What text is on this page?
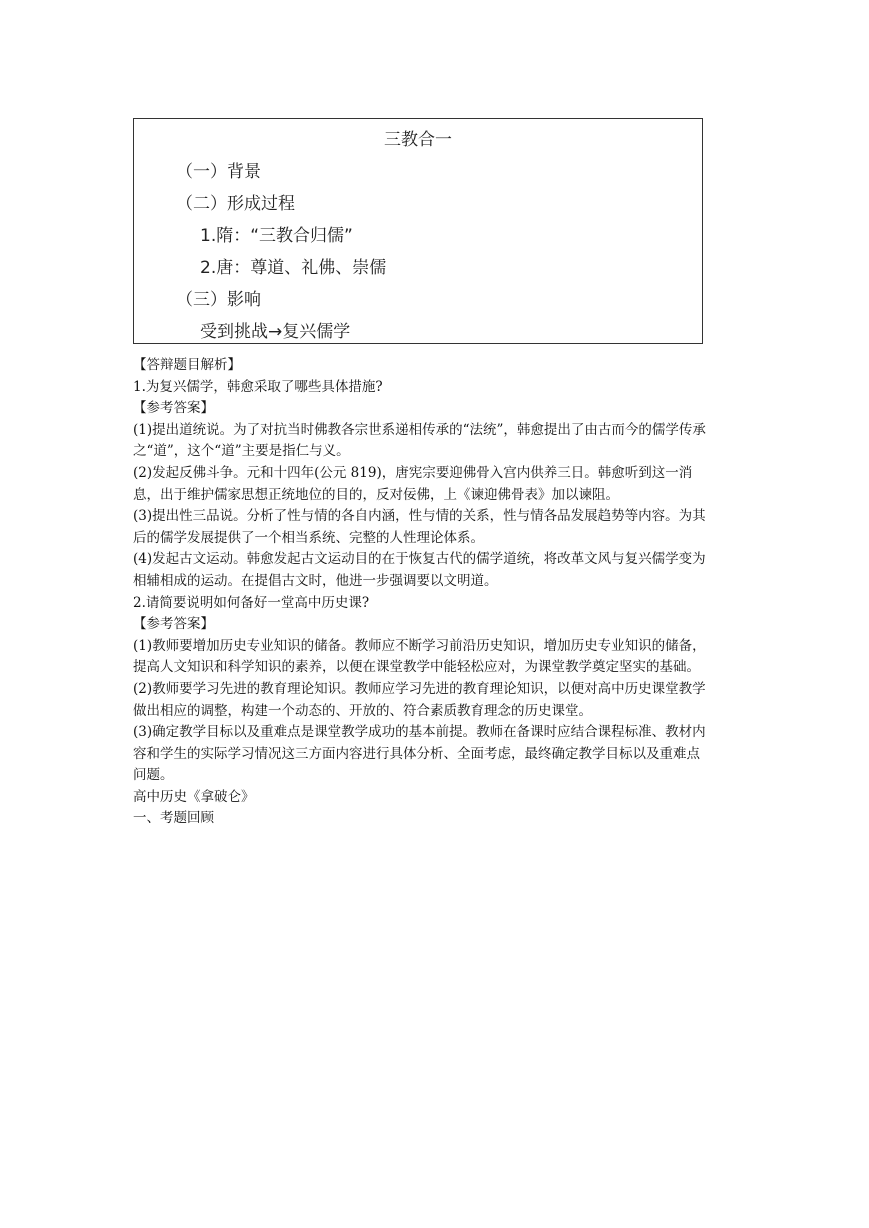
三教合一
（一）背景
（二）形成过程
1.隋：“三教合归儒”
2.唐：尊道、礼佛、崇儒
（三）影响
受到挑战→复兴儒学

【答辩题目解析】

1.为复兴儒学，韩愈采取了哪些具体措施?

【参考答案】

(1)提出道统说。为了对抗当时佛教各宗世系递相传承的“法统”，韩愈提出了由古而今的儒学传承之“道”，这个“道”主要是指仁与义。

(2)发起反佛斗争。元和十四年(公元 819)，唐宪宗要迎佛骨入宫内供养三日。韩愈听到这一消息，出于维护儒家思想正统地位的目的，反对佞佛，上《谏迎佛骨表》加以谏阻。

(3)提出性三品说。分析了性与情的各自内涵，性与情的关系，性与情各品发展趋势等内容。为其后的儒学发展提供了一个相当系统、完整的人性理论体系。

(4)发起古文运动。韩愈发起古文运动目的在于恢复古代的儒学道统，将改革文风与复兴儒学变为相辅相成的运动。在提倡古文时，他进一步强调要以文明道。

2.请简要说明如何备好一堂高中历史课?

【参考答案】

(1)教师要增加历史专业知识的储备。教师应不断学习前沿历史知识，增加历史专业知识的储备，提高人文知识和科学知识的素养，以便在课堂教学中能轻松应对，为课堂教学奠定坚实的基础。

(2)教师要学习先进的教育理论知识。教师应学习先进的教育理论知识，以便对高中历史课堂教学做出相应的调整，构建一个动态的、开放的、符合素质教育理念的历史课堂。

(3)确定教学目标以及重难点是课堂教学成功的基本前提。教师在备课时应结合课程标准、教材内容和学生的实际学习情况这三方面内容进行具体分析、全面考虑，最终确定教学目标以及重难点问题。

高中历史《拿破仑》

一、考题回顾
